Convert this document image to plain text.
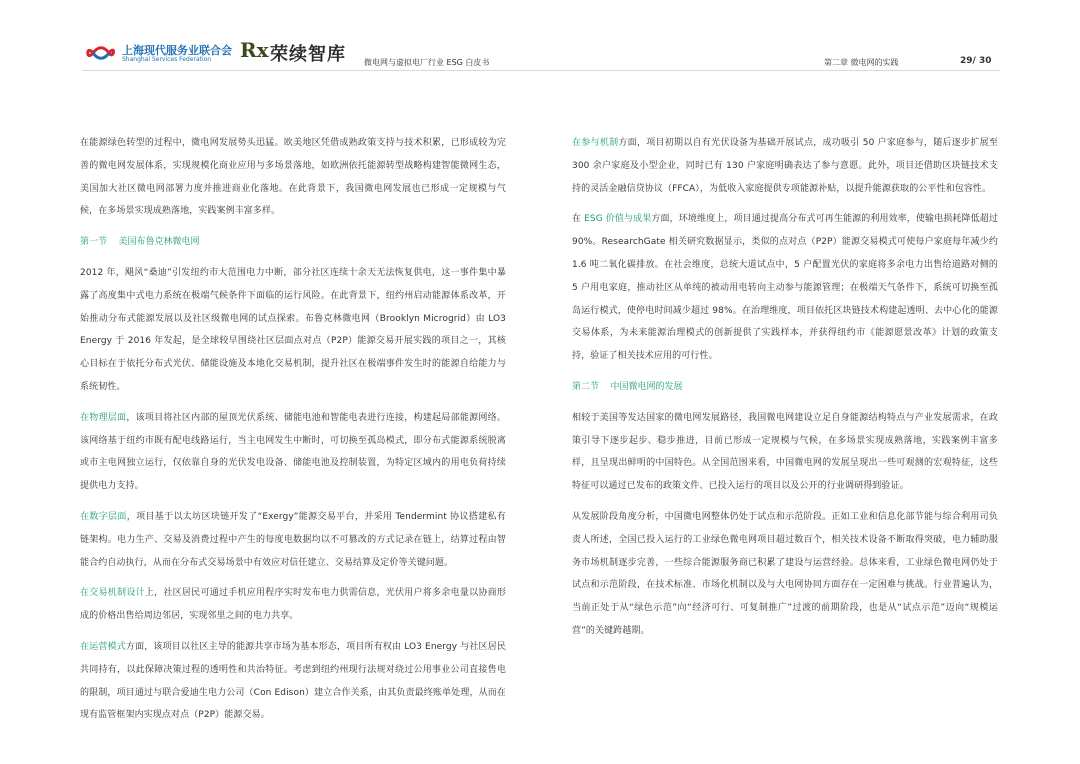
上海现代服务业联合会
Shanghai Services Federation Rx 荣续智库 微电网与虚拟电厂行业 ESG 白皮书	第二章 微电网的实践	29/ 30

在能源绿色转型的过程中，微电网发展势头迅猛。欧美地区凭借成熟政策支持与技术积累，已形成较为完善的微电网发展体系，实现规模化商业应用与多场景落地，如欧洲依托能源转型战略构建智能微网生态，美国加大社区微电网部署力度并推进商业化落地。在此背景下，我国微电网发展也已形成一定规模与气候，在多场景实现成熟落地，实践案例丰富多样。

第一节    美国布鲁克林微电网

2012 年，飓风“桑迪”引发纽约市大范围电力中断，部分社区连续十余天无法恢复供电，这一事件集中暴露了高度集中式电力系统在极端气候条件下面临的运行风险。在此背景下，纽约州启动能源体系改革，开始推动分布式能源发展以及社区级微电网的试点探索。布鲁克林微电网（Brooklyn Microgrid）由 LO3 Energy 于 2016 年发起，是全球较早围绕社区层面点对点（P2P）能源交易开展实践的项目之一，其核心目标在于依托分布式光伏、储能设施及本地化交易机制，提升社区在极端事件发生时的能源自给能力与系统韧性。

在物理层面，该项目将社区内部的屋顶光伏系统、储能电池和智能电表进行连接，构建起局部能源网络。该网络基于纽约市既有配电线路运行，当主电网发生中断时，可切换至孤岛模式，即分布式能源系统脱离或市主电网独立运行，仅依靠自身的光伏发电设备、储能电池及控制装置，为特定区域内的用电负荷持续提供电力支持。

在数字层面，项目基于以太坊区块链开发了“Exergy”能源交易平台，并采用 Tendermint 协议搭建私有链架构。电力生产、交易及消费过程中产生的每度电数据均以不可篡改的方式记录在链上，结算过程由智能合约自动执行，从而在分布式交易场景中有效应对信任建立、交易结算及定价等关键问题。

在交易机制设计上，社区居民可通过手机应用程序实时发布电力供需信息，光伏用户将多余电量以协商形成的价格出售给周边邻居，实现邻里之间的电力共享。

在运营模式方面，该项目以社区主导的能源共享市场为基本形态，项目所有权由 LO3 Energy 与社区居民共同持有，以此保障决策过程的透明性和共治特征。考虑到纽约州现行法规对绕过公用事业公司直接售电的限制，项目通过与联合爱迪生电力公司（Con Edison）建立合作关系，由其负责最终账单处理，从而在现有监管框架内实现点对点（P2P）能源交易。

在参与机制方面，项目初期以自有光伏设备为基础开展试点，成功吸引 50 户家庭参与，随后逐步扩展至 300 余户家庭及小型企业，同时已有 130 户家庭明确表达了参与意愿。此外，项目还借助区块链技术支持的灵活金融信贷协议（FFCA），为低收入家庭提供专项能源补贴，以提升能源获取的公平性和包容性。

在 ESG 价值与成果方面，环境维度上，项目通过提高分布式可再生能源的利用效率，使输电损耗降低超过 90%。ResearchGate 相关研究数据显示，类似的点对点（P2P）能源交易模式可使每户家庭每年减少约 1.6 吨二氧化碳排放。在社会维度，总统大道试点中，5 户配置光伏的家庭将多余电力出售给道路对侧的 5 户用电家庭，推动社区从单纯的被动用电转向主动参与能源管理；在极端天气条件下，系统可切换至孤岛运行模式，使停电时间减少超过 98%。在治理维度，项目依托区块链技术构建起透明、去中心化的能源交易体系，为未来能源治理模式的创新提供了实践样本，并获得纽约市《能源愿景改革》计划的政策支持，验证了相关技术应用的可行性。

第二节    中国微电网的发展

相较于美国等发达国家的微电网发展路径，我国微电网建设立足自身能源结构特点与产业发展需求，在政策引导下逐步起步、稳步推进，目前已形成一定规模与气候，在多场景实现成熟落地，实践案例丰富多样，且呈现出鲜明的中国特色。从全国范围来看，中国微电网的发展呈现出一些可观测的宏观特征，这些特征可以通过已发布的政策文件、已投入运行的项目以及公开的行业调研得到验证。

从发展阶段角度分析，中国微电网整体仍处于试点和示范阶段。正如工业和信息化部节能与综合利用司负责人所述，全国已投入运行的工业绿色微电网项目超过数百个，相关技术设备不断取得突破，电力辅助服务市场机制逐步完善，一些综合能源服务商已积累了建设与运营经验。总体来看，工业绿色微电网仍处于试点和示范阶段，在技术标准、市场化机制以及与大电网协同方面存在一定困难与挑战。行业普遍认为，当前正处于从“绿色示范”向“经济可行、可复制推广”过渡的前期阶段，也是从“试点示范”迈向“规模运营”的关键跨越期。
